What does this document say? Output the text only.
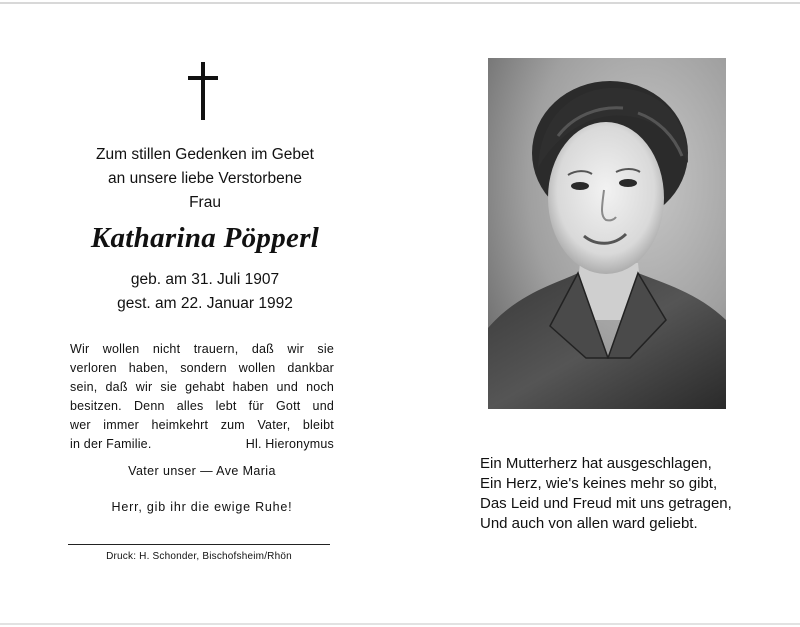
Zum stillen Gedenken im Gebet
an unsere liebe Verstorbene
Frau
Katharina Pöpperl
geb. am 31. Juli 1907
gest. am 22. Januar 1992
Wir wollen nicht trauern, daß wir sie
verloren haben, sondern wollen dankbar
sein, daß wir sie gehabt haben und noch
besitzen. Denn alles lebt für Gott und
wer immer heimkehrt zum Vater, bleibt
in der Familie.	Hl. Hieronymus
Vater unser — Ave Maria
Herr, gib ihr die ewige Ruhe!
Druck: H. Schonder, Bischofsheim/Rhön
Ein Mutterherz hat ausgeschlagen,
Ein Herz, wie's keines mehr so gibt,
Das Leid und Freud mit uns getragen,
Und auch von allen ward geliebt.
